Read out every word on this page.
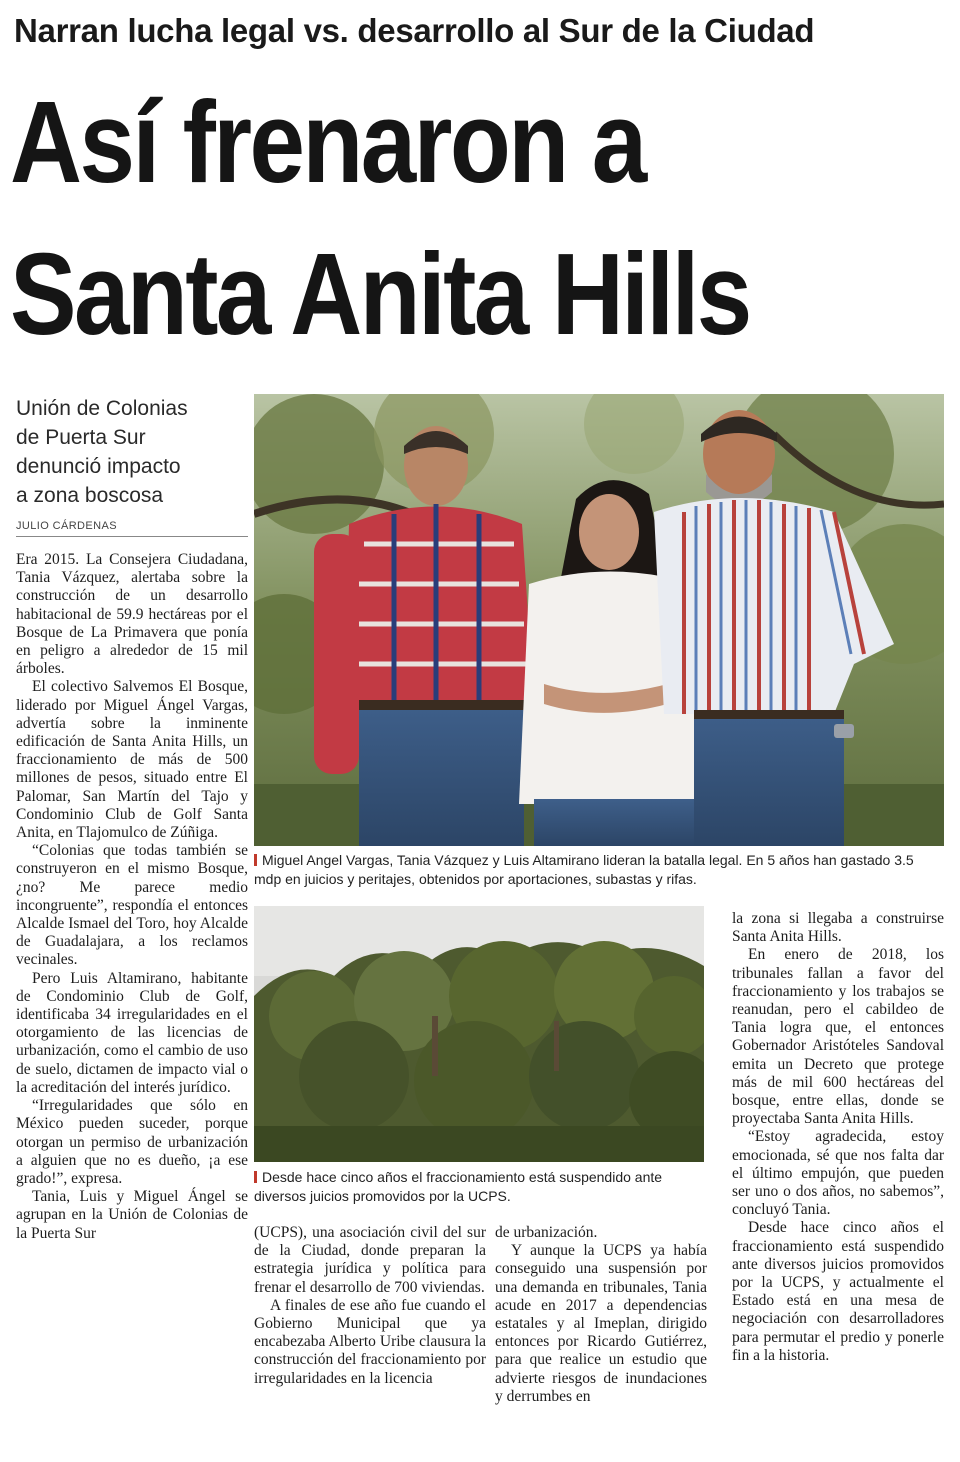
Narran lucha legal vs. desarrollo al Sur de la Ciudad
Así frenaron a
Santa Anita Hills
Unión de Colonias
de Puerta Sur
denunció impacto
a zona boscosa
JULIO CÁRDENAS

Era 2015. La Consejera Ciudadana, Tania Vázquez, alertaba sobre la construcción de un desarrollo habitacional de 59.9 hectáreas por el Bosque de La Primavera que ponía en peligro a alrededor de 15 mil árboles.

El colectivo Salvemos El Bosque, liderado por Miguel Ángel Vargas, advertía sobre la inminente edificación de Santa Anita Hills, un fraccionamiento de más de 500 millones de pesos, situado entre El Palomar, San Martín del Tajo y Condominio Club de Golf Santa Anita, en Tlajomulco de Zúñiga.

“Colonias que todas también se construyeron en el mismo Bosque, ¿no? Me parece medio incongruente”, respondía el entonces Alcalde Ismael del Toro, hoy Alcalde de Guadalajara, a los reclamos vecinales.

Pero Luis Altamirano, habitante de Condominio Club de Golf, identificaba 34 irregularidades en el otorgamiento de las licencias de urbanización, como el cambio de uso de suelo, dictamen de impacto vial o la acreditación del interés jurídico.

“Irregularidades que sólo en México pueden suceder, porque otorgan un permiso de urbanización a alguien que no es dueño, ¡a ese grado!”, expresa.

Tania, Luis y Miguel Ángel se agrupan en la Unión de Colonias de la Puerta Sur

Miguel Angel Vargas, Tania Vázquez y Luis Altamirano lideran la batalla legal. En 5 años han gastado 3.5 mdp en juicios y peritajes, obtenidos por aportaciones, subastas y rifas.
Desde hace cinco años el fraccionamiento está suspendido ante diversos juicios promovidos por la UCPS.

(UCPS), una asociación civil del sur de la Ciudad, donde preparan la estrategia jurídica y política para frenar el desarrollo de 700 viviendas.

A finales de ese año fue cuando el Gobierno Municipal que ya encabezaba Alberto Uribe clausura la construcción del fraccionamiento por irregularidades en la licencia

de urbanización.

Y aunque la UCPS ya había conseguido una suspensión por una demanda en tribunales, Tania acude en 2017 a dependencias estatales y al Imeplan, dirigido entonces por Ricardo Gutiérrez, para que realice un estudio que advierte riesgos de inundaciones y derrumbes en

la zona si llegaba a construirse Santa Anita Hills.

En enero de 2018, los tribunales fallan a favor del fraccionamiento y los trabajos se reanudan, pero el cabildeo de Tania logra que, el entonces Gobernador Aristóteles Sandoval emita un Decreto que protege más de mil 600 hectáreas del bosque, entre ellas, donde se proyectaba Santa Anita Hills.

“Estoy agradecida, estoy emocionada, sé que nos falta dar el último empujón, que pueden ser uno o dos años, no sabemos”, concluyó Tania.

Desde hace cinco años el fraccionamiento está suspendido ante diversos juicios promovidos por la UCPS, y actualmente el Estado está en una mesa de negociación con desarrolladores para permutar el predio y ponerle fin a la historia.
